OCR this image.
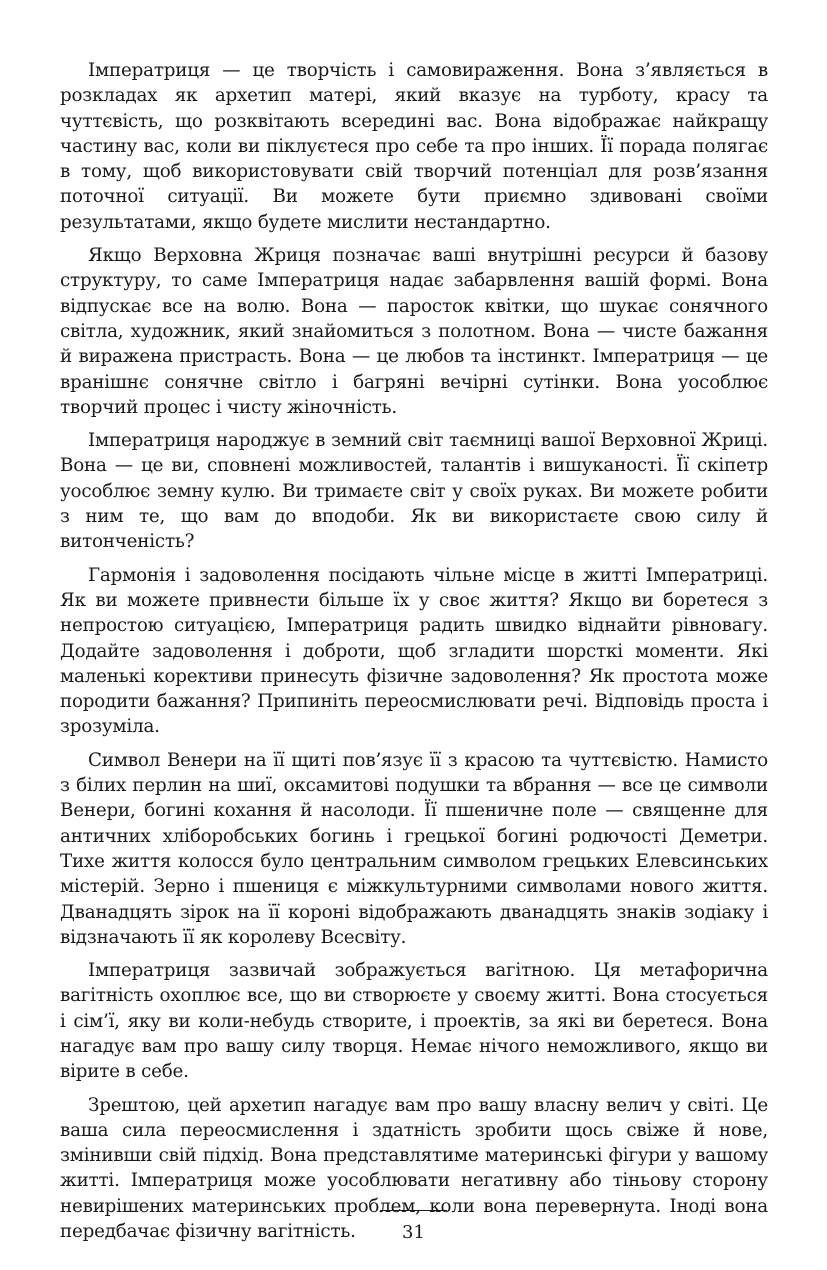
Імператриця — це творчість і самовираження. Вона з’являється в розкладах як архетип матері, який вказує на турботу, красу та чуттєвість, що розквітають всередині вас. Вона відображає найкращу частину вас, коли ви піклуєтеся про себе та про інших. Її порада полягає в тому, щоб використовувати свій творчий потенціал для розв’язання поточної ситуації. Ви можете бути приємно здивовані своїми результатами, якщо будете мислити нестандартно.

Якщо Верховна Жриця позначає ваші внутрішні ресурси й базову структуру, то саме Імператриця надає забарвлення вашій формі. Вона відпускає все на волю. Вона — паросток квітки, що шукає сонячного світла, художник, який знайомиться з полотном. Вона — чисте бажання й виражена пристрасть. Вона — це любов та інстинкт. Імператриця — це вранішнє сонячне світло і багряні вечірні сутінки. Вона уособлює творчий процес і чисту жіночність.

Імператриця народжує в земний світ таємниці вашої Верховної Жриці. Вона — це ви, сповнені можливостей, талантів і вишуканості. Її скіпетр уособлює земну кулю. Ви тримаєте світ у своїх руках. Ви можете робити з ним те, що вам до вподоби. Як ви використаєте свою силу й витонченість?

Гармонія і задоволення посідають чільне місце в житті Імператриці. Як ви можете привнести більше їх у своє життя? Якщо ви боретеся з непростою ситуацією, Імператриця радить швидко віднайти рівновагу. Додайте задоволення і доброти, щоб згладити шорсткі моменти. Які маленькі корективи принесуть фізичне задоволення? Як простота може породити бажання? Припиніть переосмислювати речі. Відповідь проста і зрозуміла.

Символ Венери на її щиті пов’язує її з красою та чуттєвістю. Намисто з білих перлин на шиї, оксамитові подушки та вбрання — все це символи Венери, богині кохання й насолоди. Її пшеничне поле — священне для античних хліборобських богинь і грецької богині родючості Деметри. Тихе життя колосся було центральним символом грецьких Елевсинських містерій. Зерно і пшениця є міжкультурними символами нового життя. Дванадцять зірок на її короні відображають дванадцять знаків зодіаку і відзначають її як королеву Всесвіту.

Імператриця зазвичай зображується вагітною. Ця метафорична вагітність охоплює все, що ви створюєте у своєму житті. Вона стосується і сім’ї, яку ви коли-небудь створите, і проектів, за які ви беретеся. Вона нагадує вам про вашу силу творця. Немає нічого неможливого, якщо ви вірите в себе.

Зрештою, цей архетип нагадує вам про вашу власну велич у світі. Це ваша сила переосмислення і здатність зробити щось свіже й нове, змінивши свій підхід. Вона представлятиме материнські фігури у вашому житті. Імператриця може уособлювати негативну або тіньову сторону невирішених материнських проблем, коли вона перевернута. Іноді вона передбачає фізичну вагітність.	31
